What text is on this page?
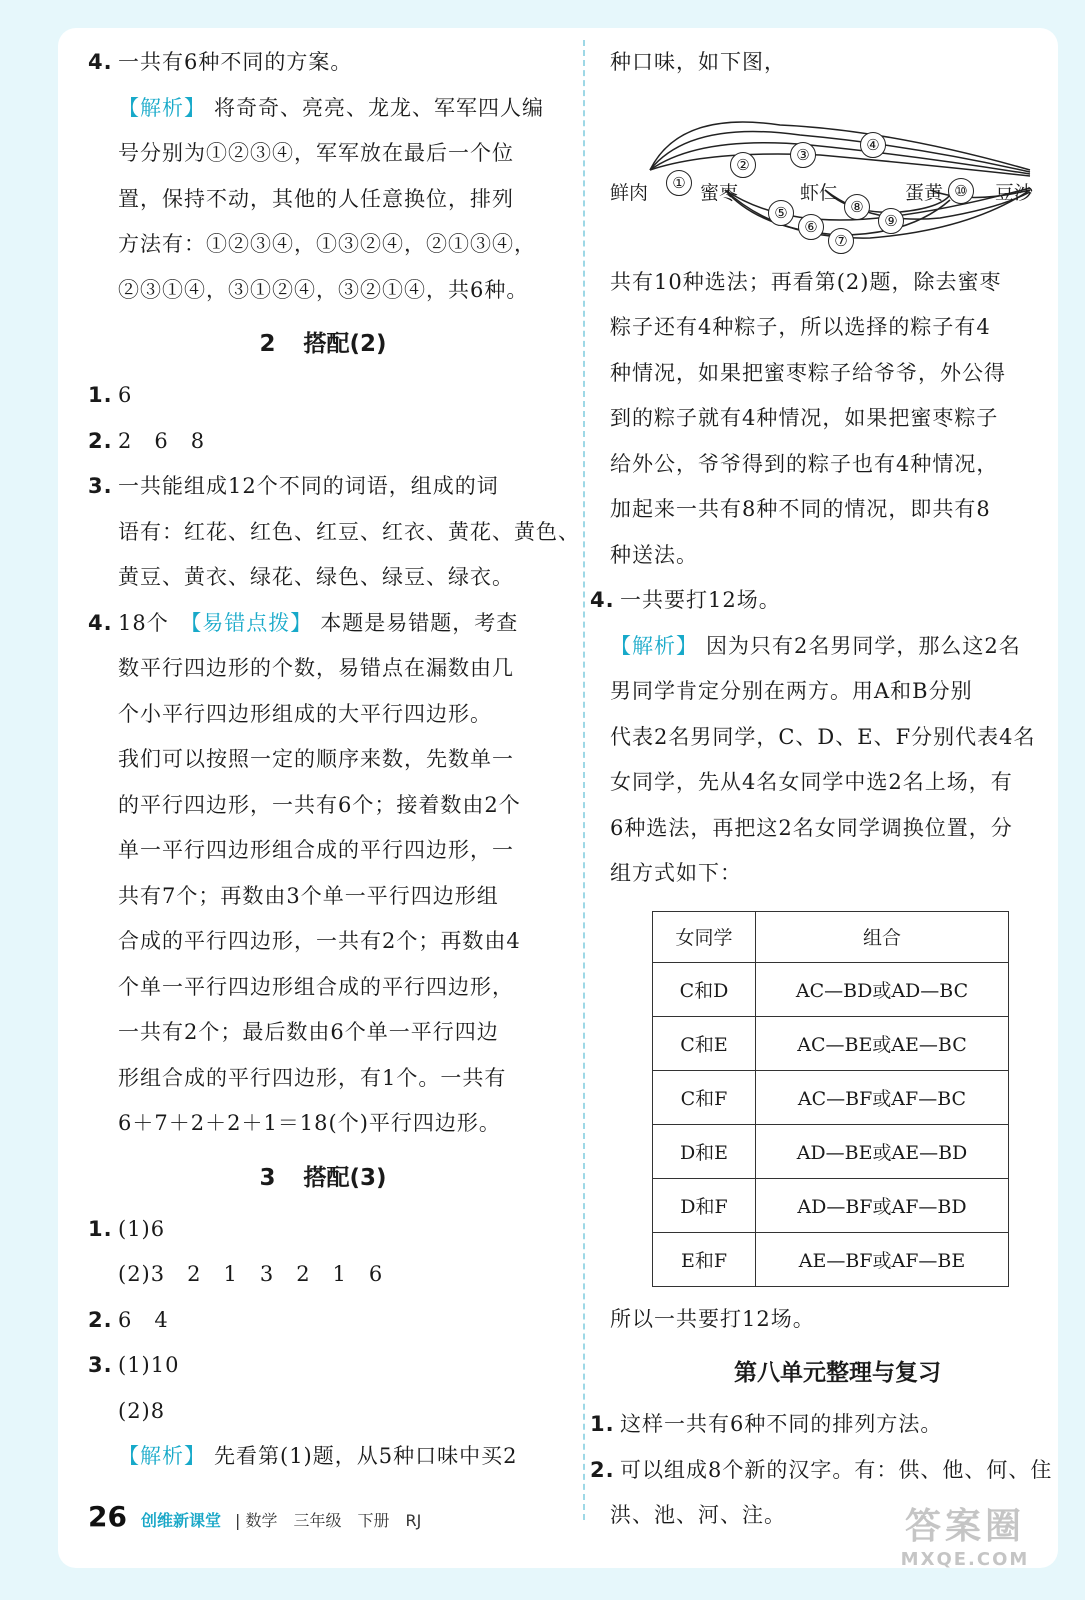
4. 一共有6种不同的方案。
【解析】 将奇奇、亮亮、龙龙、军军四人编
号分别为①②③④，军军放在最后一个位
置，保持不动，其他的人任意换位，排列
方法有：①②③④，①③②④，②①③④，
②③①④，③①②④，③②①④，共6种。
2 搭配(2)
1. 6
2. 2　6　8
3. 一共能组成12个不同的词语，组成的词
语有：红花、红色、红豆、红衣、黄花、黄色、
黄豆、黄衣、绿花、绿色、绿豆、绿衣。
4. 18个　 【易错点拨】 本题是易错题，考查
数平行四边形的个数，易错点在漏数由几
个小平行四边形组成的大平行四边形。
我们可以按照一定的顺序来数，先数单一
的平行四边形，一共有6个；接着数由2个
单一平行四边形组合成的平行四边形，一
共有7个；再数由3个单一平行四边形组
合成的平行四边形，一共有2个；再数由4
个单一平行四边形组合成的平行四边形，
一共有2个；最后数由6个单一平行四边
形组合成的平行四边形，有1个。一共有
6＋7＋2＋2＋1＝18(个)平行四边形。
3 搭配(3)
1. (1)6
(2)3　2　1　3　2　1　6
2. 6　4
3. (1)10
(2)8
【解析】 先看第(1)题，从5种口味中买2
种口味，如下图，
鲜肉	蜜枣	虾仁	蛋黄	豆沙
①
②
③
④
⑤
⑥
⑦
⑧
⑨
⑩
共有10种选法；再看第(2)题，除去蜜枣
粽子还有4种粽子，所以选择的粽子有4
种情况，如果把蜜枣粽子给爷爷，外公得
到的粽子就有4种情况，如果把蜜枣粽子
给外公，爷爷得到的粽子也有4种情况，
加起来一共有8种不同的情况，即共有8
种送法。
4. 一共要打12场。
【解析】 因为只有2名男同学，那么这2名
男同学肯定分别在两方。用A和B分别
代表2名男同学，C、D、E、F分别代表4名
女同学，先从4名女同学中选2名上场，有
6种选法，再把这2名女同学调换位置，分
组方式如下：
女同学	组合
C和D	AC—BD或AD—BC
C和E	AC—BE或AE—BC
C和F	AC—BF或AF—BC
D和E	AD—BE或AE—BD
D和F	AD—BF或AF—BD
E和F	AE—BF或AF—BE
所以一共要打12场。
第八单元整理与复习
1. 这样一共有6种不同的排列方法。
2. 可以组成8个新的汉字。有：供、他、何、住
洪、池、河、注。
26 创维新课堂 | 数学　三年级　下册　RJ	答案圈
MXQE.COM
